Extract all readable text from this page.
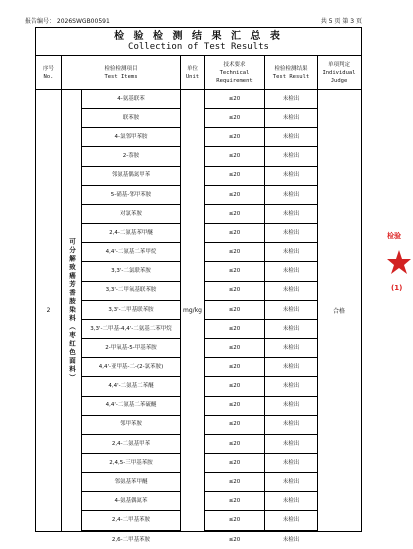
报告编号： 2026SWGB00591	共 5 页 第 3 页
检 验 检 测 结 果 汇 总 表
Collection of Test Results
序号
No.
检验检测项目
Test Items
单位
Unit
技术要求
Technical
Requirement
检验检测结果
Test Result
单项判定
Individual
Judge
2	可分解致癌芳香胺染料（枣红色面料）
4-氨基联苯
联苯胺
4-氯邻甲苯胺
2-萘胺
邻氨基偶氮甲苯
5-硝基-邻甲苯胺
对氯苯胺
2,4-二氨基苯甲醚
4,4'-二氨基二苯甲烷
3,3'-二氯联苯胺
3,3'-二甲氧基联苯胺
3,3'-二甲基联苯胺
3,3'-二甲基-4,4'-二氨基二苯甲烷
2-甲氧基-5-甲基苯胺
4,4'-亚甲基-二-(2-氯苯胺)
4,4'-二氨基二苯醚
4,4'-二氨基二苯硫醚
邻甲苯胺
2,4-二氨基甲苯
2,4,5-三甲基苯胺
邻氨基苯甲醚
4-氨基偶氮苯
2,4-二甲基苯胺
2,6-二甲基苯胺
mg/kg
≤20
≤20
≤20
≤20
≤20
≤20
≤20
≤20
≤20
≤20
≤20
≤20
≤20
≤20
≤20
≤20
≤20
≤20
≤20
≤20
≤20
≤20
≤20
≤20
未检出
未检出
未检出
未检出
未检出
未检出
未检出
未检出
未检出
未检出
未检出
未检出
未检出
未检出
未检出
未检出
未检出
未检出
未检出
未检出
未检出
未检出
未检出
未检出
合格
检验
(1)
